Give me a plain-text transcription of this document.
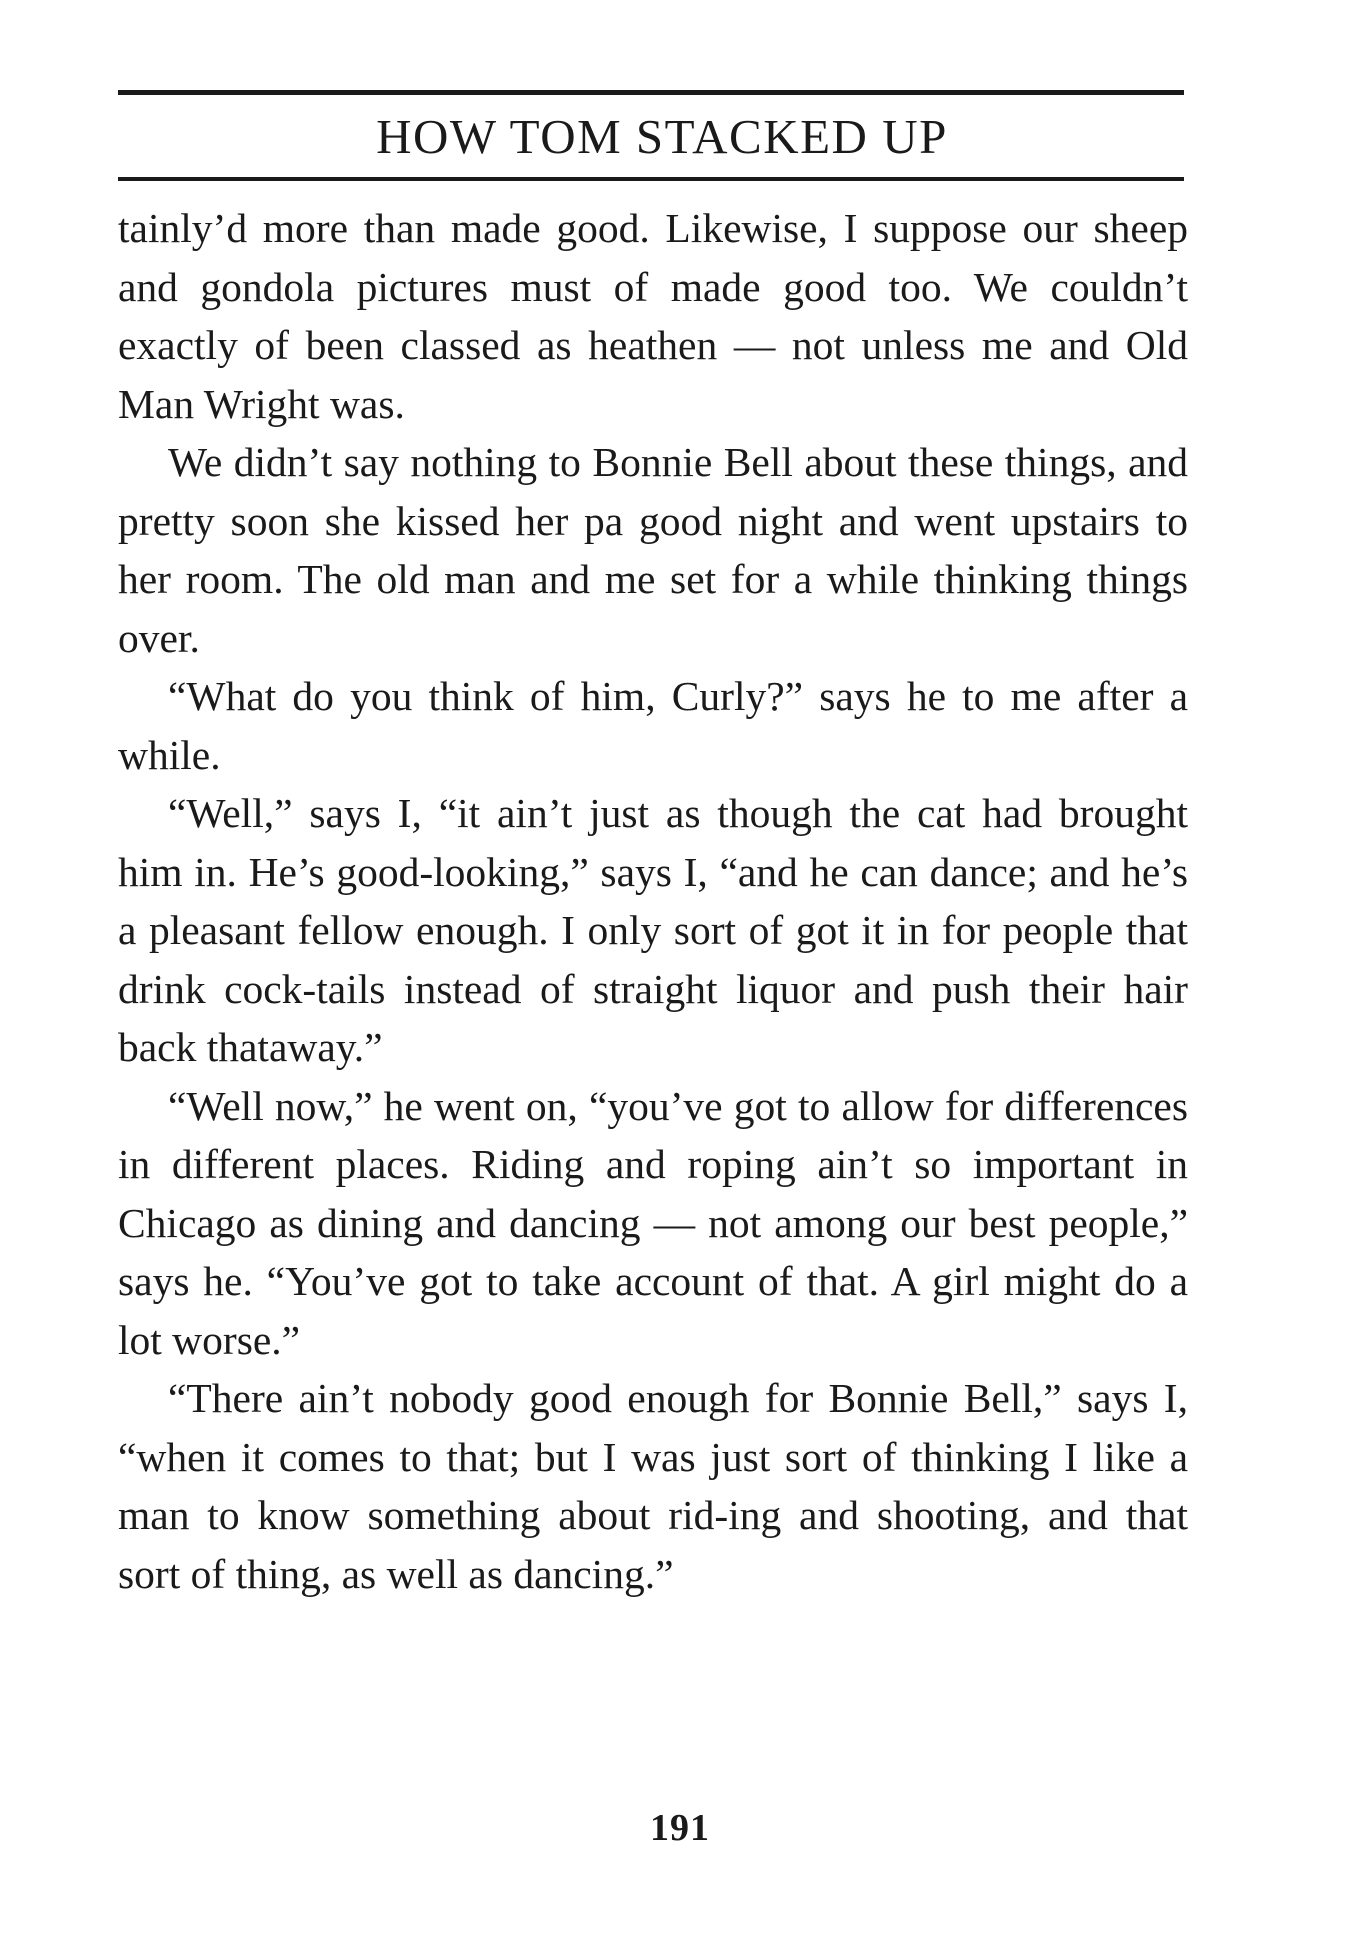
HOW TOM STACKED UP

tainly’d more than made good. Likewise, I suppose our sheep and gondola pictures must of made good too. We couldn’t exactly of been classed as heathen — not unless me and Old Man Wright was.

We didn’t say nothing to Bonnie Bell about these things, and pretty soon she kissed her pa good night and went upstairs to her room. The old man and me set for a while thinking things over.

“What do you think of him, Curly?” says he to me after a while.

“Well,” says I, “it ain’t just as though the cat had brought him in. He’s good-looking,” says I, “and he can dance; and he’s a pleasant fellow enough. I only sort of got it in for people that drink cock-tails instead of straight liquor and push their hair back thataway.”

“Well now,” he went on, “you’ve got to allow for differences in different places. Riding and roping ain’t so important in Chicago as dining and dancing — not among our best people,” says he. “You’ve got to take account of that. A girl might do a lot worse.”

“There ain’t nobody good enough for Bonnie Bell,” says I, “when it comes to that; but I was just sort of thinking I like a man to know something about rid-ing and shooting, and that sort of thing, as well as dancing.”

191
